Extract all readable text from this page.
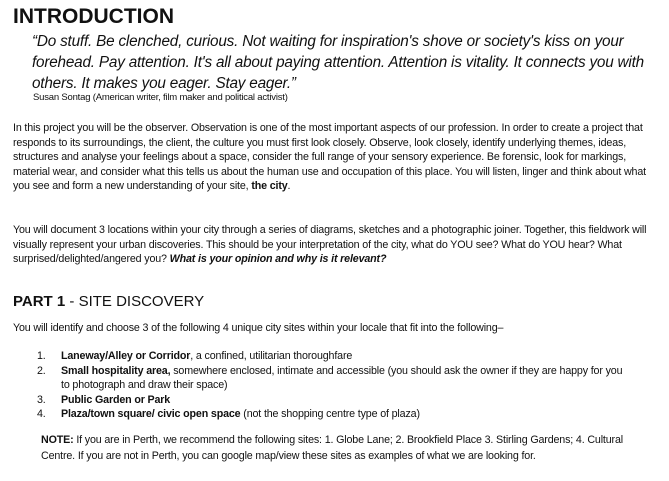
INTRODUCTION

“Do stuff. Be clenched, curious. Not waiting for inspiration's shove or society's kiss on your forehead. Pay attention. It's all about paying attention. Attention is vitality. It connects you with others. It makes you eager. Stay eager.”

Susan Sontag (American writer, film maker and political activist)

In this project you will be the observer. Observation is one of the most important aspects of our profession. In order to create a project that responds to its surroundings, the client, the culture you must first look closely. Observe, look closely, identify underlying themes, ideas, structures and analyse your feelings about a space, consider the full range of your sensory experience. Be forensic, look for markings, material wear, and consider what this tells us about the human use and occupation of this place. You will listen, linger and think about what you see and form a new understanding of your site, the city.

You will document 3 locations within your city through a series of diagrams, sketches and a photographic joiner. Together, this fieldwork will visually represent your urban discoveries. This should be your interpretation of the city, what do YOU see? What do YOU hear? What surprised/delighted/angered you? What is your opinion and why is it relevant?

PART 1 - SITE DISCOVERY

You will identify and choose 3 of the following 4 unique city sites within your locale that fit into the following–

1. Laneway/Alley or Corridor, a confined, utilitarian thoroughfare
2. Small hospitality area, somewhere enclosed, intimate and accessible (you should ask the owner if they are happy for you to photograph and draw their space)
3. Public Garden or Park
4. Plaza/town square/ civic open space (not the shopping centre type of plaza)

NOTE: If you are in Perth, we recommend the following sites: 1. Globe Lane; 2. Brookfield Place 3. Stirling Gardens; 4. Cultural Centre. If you are not in Perth, you can google map/view these sites as examples of what we are looking for.
